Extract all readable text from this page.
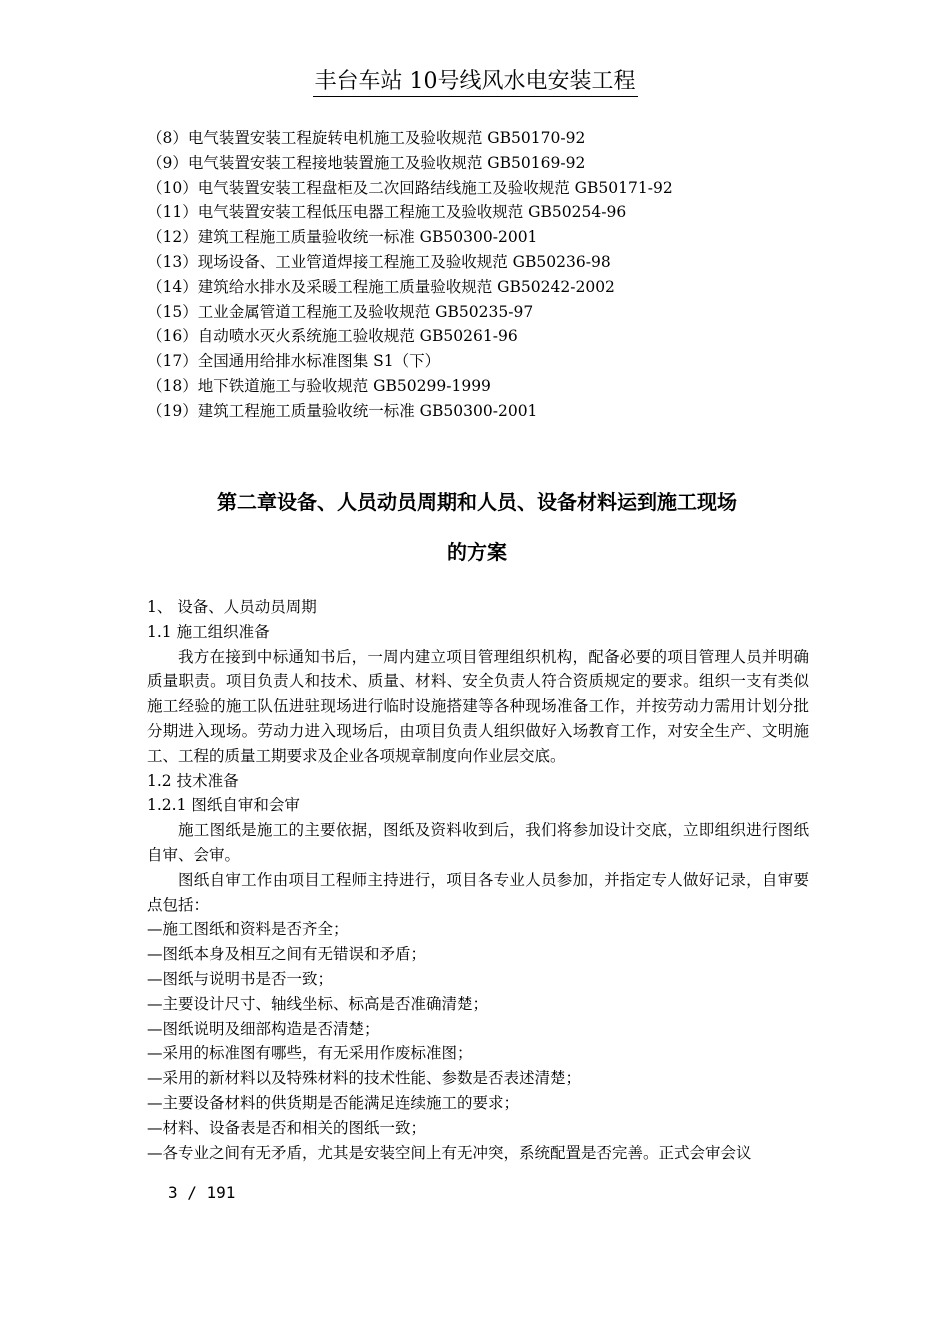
丰台车站 10号线风水电安装工程
（8）电气装置安装工程旋转电机施工及验收规范 GB50170-92
（9）电气装置安装工程接地装置施工及验收规范 GB50169-92
（10）电气装置安装工程盘柜及二次回路结线施工及验收规范 GB50171-92
（11）电气装置安装工程低压电器工程施工及验收规范 GB50254-96
（12）建筑工程施工质量验收统一标准 GB50300-2001
（13）现场设备、工业管道焊接工程施工及验收规范 GB50236-98
（14）建筑给水排水及采暖工程施工质量验收规范 GB50242-2002
（15）工业金属管道工程施工及验收规范 GB50235-97
（16）自动喷水灭火系统施工验收规范 GB50261-96
（17）全国通用给排水标准图集 S1（下）
（18）地下铁道施工与验收规范 GB50299-1999
（19）建筑工程施工质量验收统一标准 GB50300-2001
第二章设备、人员动员周期和人员、设备材料运到施工现场
的方案

1、 设备、人员动员周期

1.1 施工组织准备

我方在接到中标通知书后，一周内建立项目管理组织机构，配备必要的项目管理人员并明确质量职责。项目负责人和技术、质量、材料、安全负责人符合资质规定的要求。组织一支有类似施工经验的施工队伍进驻现场进行临时设施搭建等各种现场准备工作，并按劳动力需用计划分批分期进入现场。劳动力进入现场后，由项目负责人组织做好入场教育工作，对安全生产、文明施工、工程的质量工期要求及企业各项规章制度向作业层交底。

1.2 技术准备

1.2.1 图纸自审和会审

施工图纸是施工的主要依据，图纸及资料收到后，我们将参加设计交底，立即组织进行图纸自审、会审。

图纸自审工作由项目工程师主持进行，项目各专业人员参加，并指定专人做好记录，自审要点包括：

—施工图纸和资料是否齐全；

—图纸本身及相互之间有无错误和矛盾；

—图纸与说明书是否一致；

—主要设计尺寸、轴线坐标、标高是否准确清楚；

—图纸说明及细部构造是否清楚；

—采用的标准图有哪些，有无采用作废标准图；

—采用的新材料以及特殊材料的技术性能、参数是否表述清楚；

—主要设备材料的供货期是否能满足连续施工的要求；

—材料、设备表是否和相关的图纸一致；

—各专业之间有无矛盾，尤其是安装空间上有无冲突，系统配置是否完善。正式会审会议

3 / 191
